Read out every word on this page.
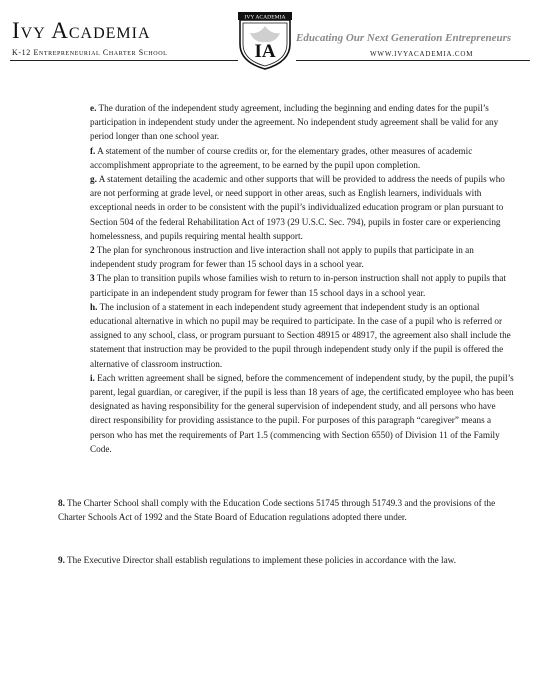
Ivy Academia
K-12 Entrepreneurial Charter School
Educating Our Next Generation Entrepreneurs
WWW.IVYACADEMIA.COM
IVY ACADEMIA
IA

e. The duration of the independent study agreement, including the beginning and ending dates for the pupil’s participation in independent study under the agreement. No independent study agreement shall be valid for any period longer than one school year.

f. A statement of the number of course credits or, for the elementary grades, other measures of academic accomplishment appropriate to the agreement, to be earned by the pupil upon completion.

g. A statement detailing the academic and other supports that will be provided to address the needs of pupils who are not performing at grade level, or need support in other areas, such as English learners, individuals with exceptional needs in order to be consistent with the pupil’s individualized education program or plan pursuant to Section 504 of the federal Rehabilitation Act of 1973 (29 U.S.C. Sec. 794), pupils in foster care or experiencing homelessness, and pupils requiring mental health support.

2 The plan for synchronous instruction and live interaction shall not apply to pupils that participate in an independent study program for fewer than 15 school days in a school year.

3 The plan to transition pupils whose families wish to return to in-person instruction shall not apply to pupils that participate in an independent study program for fewer than 15 school days in a school year.

h. The inclusion of a statement in each independent study agreement that independent study is an optional educational alternative in which no pupil may be required to participate. In the case of a pupil who is referred or assigned to any school, class, or program pursuant to Section 48915 or 48917, the agreement also shall include the statement that instruction may be provided to the pupil through independent study only if the pupil is offered the alternative of classroom instruction.

i. Each written agreement shall be signed, before the commencement of independent study, by the pupil, the pupil’s parent, legal guardian, or caregiver, if the pupil is less than 18 years of age, the certificated employee who has been designated as having responsibility for the general supervision of independent study, and all persons who have direct responsibility for providing assistance to the pupil. For purposes of this paragraph “caregiver” means a person who has met the requirements of Part 1.5 (commencing with Section 6550) of Division 11 of the Family Code.

8. The Charter School shall comply with the Education Code sections 51745 through 51749.3 and the provisions of the Charter Schools Act of 1992 and the State Board of Education regulations adopted there under.

9. The Executive Director shall establish regulations to implement these policies in accordance with the law.
